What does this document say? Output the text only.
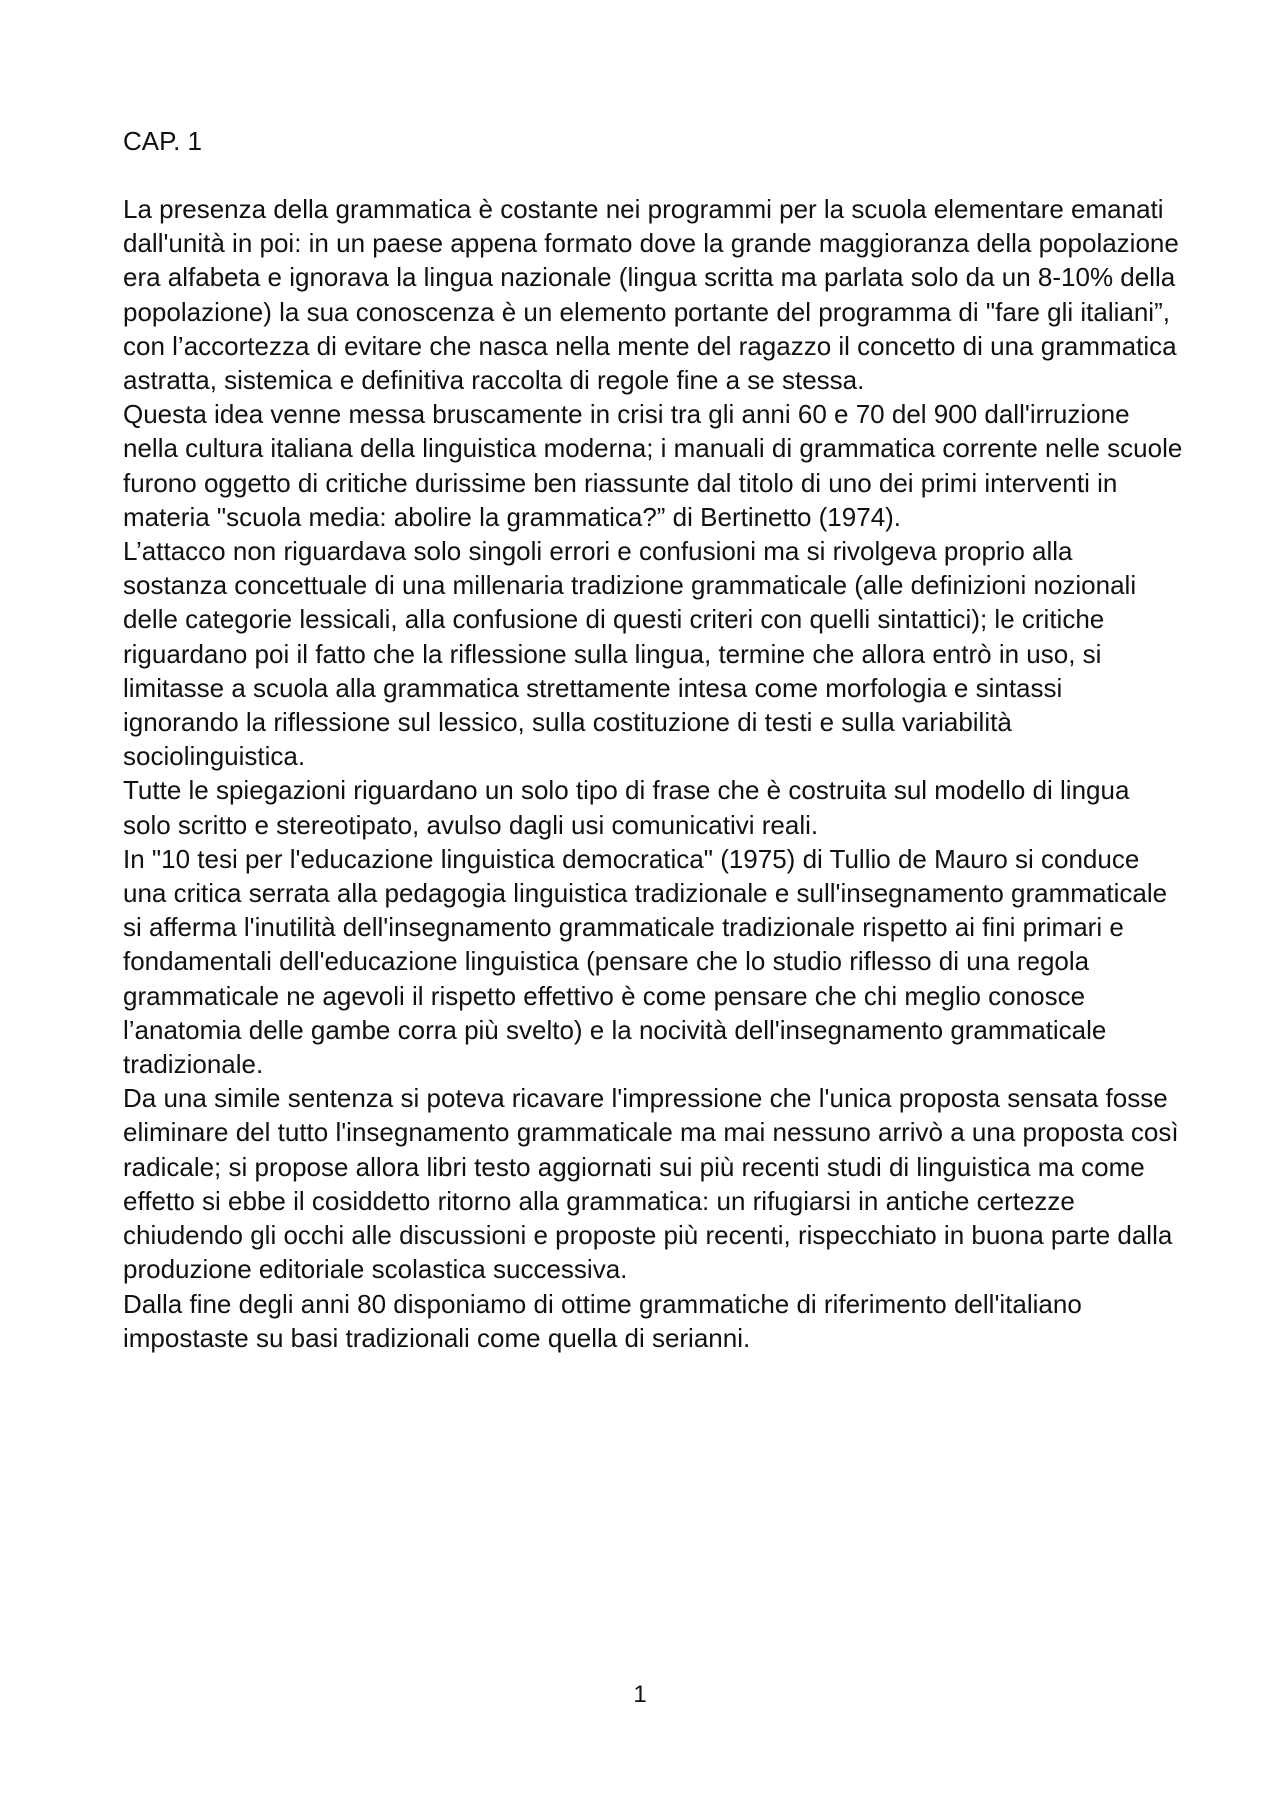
CAP. 1

La presenza della grammatica è costante nei programmi per la scuola elementare emanati dall'unità in poi: in un paese appena formato dove la grande maggioranza della popolazione era alfabeta e ignorava la lingua nazionale (lingua scritta ma parlata solo da un 8-10% della popolazione) la sua conoscenza è un elemento portante del programma di "fare gli italiani”, con l’accortezza di evitare che nasca nella mente del ragazzo il concetto di una grammatica astratta, sistemica e definitiva raccolta di regole fine a se stessa.

Questa idea venne messa bruscamente in crisi tra gli anni 60 e 70 del 900 dall'irruzione nella cultura italiana della linguistica moderna; i manuali di grammatica corrente nelle scuole furono oggetto di critiche durissime ben riassunte dal titolo di uno dei primi interventi in materia "scuola media: abolire la grammatica?” di Bertinetto (1974).

L’attacco non riguardava solo singoli errori e confusioni ma si rivolgeva proprio alla sostanza concettuale di una millenaria tradizione grammaticale (alle definizioni nozionali delle categorie lessicali, alla confusione di questi criteri con quelli sintattici); le critiche riguardano poi il fatto che la riflessione sulla lingua, termine che allora entrò in uso, si limitasse a scuola alla grammatica strettamente intesa come morfologia e sintassi ignorando la riflessione sul lessico, sulla costituzione di testi e sulla variabilità sociolinguistica.

Tutte le spiegazioni riguardano un solo tipo di frase che è costruita sul modello di lingua solo scritto e stereotipato, avulso dagli usi comunicativi reali.

In "10 tesi per l'educazione linguistica democratica" (1975) di Tullio de Mauro si conduce una critica serrata alla pedagogia linguistica tradizionale e sull'insegnamento grammaticale si afferma l'inutilità dell'insegnamento grammaticale tradizionale rispetto ai fini primari e fondamentali dell'educazione linguistica (pensare che lo studio riflesso di una regola grammaticale ne agevoli il rispetto effettivo è come pensare che chi meglio conosce l’anatomia delle gambe corra più svelto) e la nocività dell'insegnamento grammaticale tradizionale.

Da una simile sentenza si poteva ricavare l'impressione che l'unica proposta sensata fosse eliminare del tutto l'insegnamento grammaticale ma mai nessuno arrivò a una proposta così radicale; si propose allora libri testo aggiornati sui più recenti studi di linguistica ma come effetto si ebbe il cosiddetto ritorno alla grammatica: un rifugiarsi in antiche certezze chiudendo gli occhi alle discussioni e proposte più recenti, rispecchiato in buona parte dalla produzione editoriale scolastica successiva.

Dalla fine degli anni 80 disponiamo di ottime grammatiche di riferimento dell'italiano impostaste su basi tradizionali come quella di serianni.

1
